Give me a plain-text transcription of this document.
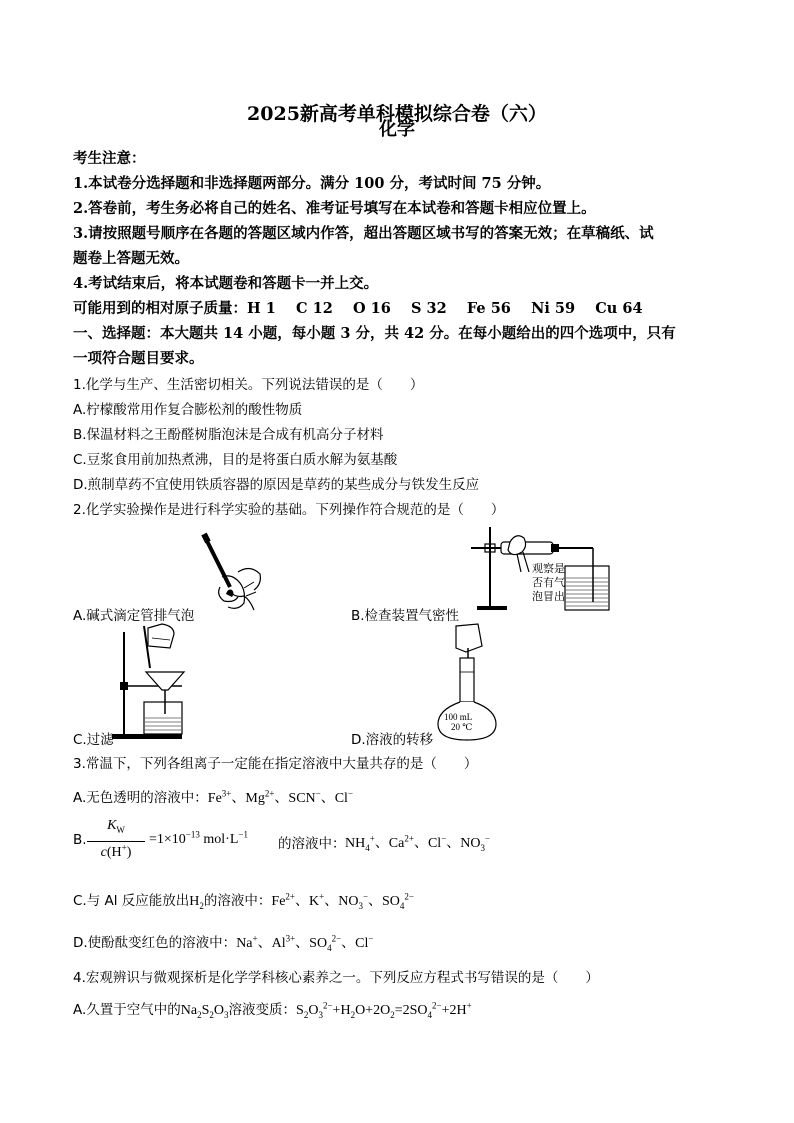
2025新高考单科模拟综合卷（六）
化学
考生注意：
1.本试卷分选择题和非选择题两部分。满分 100 分，考试时间 75 分钟。
2.答卷前，考生务必将自己的姓名、准考证号填写在本试卷和答题卡相应位置上。
3.请按照题号顺序在各题的答题区域内作答，超出答题区域书写的答案无效；在草稿纸、试
题卷上答题无效。
4.考试结束后，将本试题卷和答题卡一并上交。
可能用到的相对原子质量：H 1    C 12    O 16    S 32    Fe 56    Ni 59    Cu 64
一、选择题：本大题共 14 小题，每小题 3 分，共 42 分。在每小题给出的四个选项中，只有
一项符合题目要求。
1.化学与生产、生活密切相关。下列说法错误的是（　　）
A.柠檬酸常用作复合膨松剂的酸性物质
B.保温材料之王酚醛树脂泡沫是合成有机高分子材料
C.豆浆食用前加热煮沸，目的是将蛋白质水解为氨基酸
D.煎制草药不宜使用铁质容器的原因是草药的某些成分与铁发生反应
2.化学实验操作是进行科学实验的基础。下列操作符合规范的是（　　）
A.碱式滴定管排气泡
观察是
否有气
泡冒出
B.检查装置气密性
C.过滤
100 mL
20 ℃
D.溶液的转移
3.常温下，下列各组离子一定能在指定溶液中大量共存的是（　　）
A.无色透明的溶液中：$Fe^{3+}$、$Mg^{2+}$、SCN−、Cl−
B.
$K_W$
c(H+)
$=1\times 10^{-13}$ $mol\cdot L^{-1}$
的溶液中： $NH_4^+$、$Ca^{2+}$、Cl−、$NO_3^-$
C.与 Al 反应能放出$H_2$的溶液中：$Fe^{2+}$、K+、$NO_3^-$、$SO_4^{2-}$
D.使酚酞变红色的溶液中：Na+、$Al^{3+}$、$SO_4^{2-}$、Cl−
4.宏观辨识与微观探析是化学学科核心素养之一。下列反应方程式书写错误的是（　　）
A.久置于空气中的$Na_2S_2O_3$溶液变质：$S_2O_3^{2-}+H_2O+2O_2=2SO_4^{2-}+2H^+$
